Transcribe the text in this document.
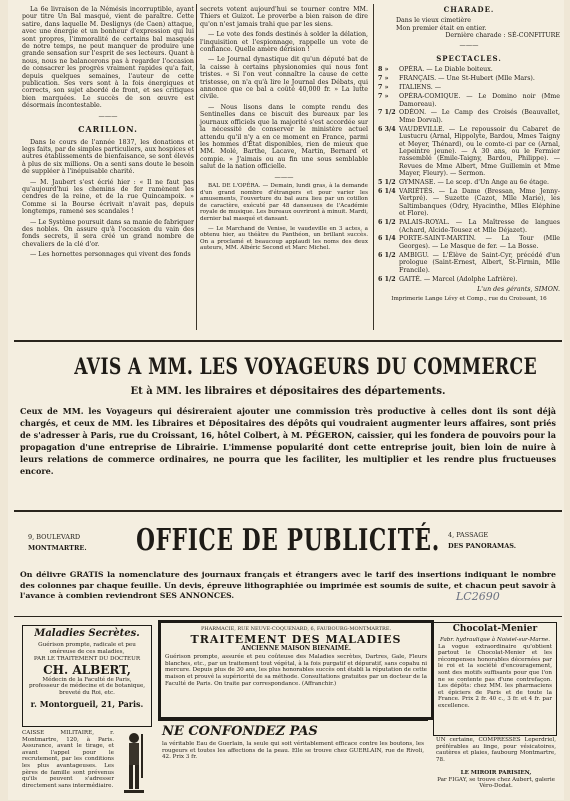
La 6e livraison de la Némésis incorruptible, ayant pour titre Un Bal masqué, vient de paraître. Cette satire, dans laquelle M. Deslignys (de Caen) attaque, avec une énergie et un bonheur d'expression qui lui sont propres, l'immoralité de certains bal masqués de notre temps, ne peut manquer de produire une grande sensation sur l'esprit de ses lecteurs. Quant à nous, nous ne balancerons pas à regarder l'occasion de consacrer les progrès vraiment rapides qu'a fait, depuis quelques semaines, l'auteur de cette publication. Ses vers sont à la fois énergiques et corrects, son sujet abordé de front, et ses critiques bien marquées. Le succès de son œuvre est désormais incontestable.

———
CARILLON.

Dans le cours de l'année 1837, les donations et legs faits, par de simples particuliers, aux hospices et autres établissements de bienfaisance, se sont élevés à plus de six millions. On a senti sans doute le besoin de suppléer à l'inépuisable charité.

— M. Jaubert s'est écrié hier : « Il ne faut pas qu'aujourd'hui les chemins de fer ramènent les cendres de la reine, et de la rue Quincampoix. » Comme si la Bourse écrivait n'avait pas, depuis longtemps, ramené ses scandales !

— Le Système poursuit dans sa manie de fabriquer des nobles. On assure qu'à l'occasion du vain des fonds secrets, il sera créé un grand nombre de chevaliers de la clé d'or.

— Les hornettes personnages qui vivent des fonds

secrets votent aujourd'hui se tourner contre MM. Thiers et Guizot. Le proverbe a bien raison de dire qu'on n'est jamais trahi que par les siens.

— Le vote des fonds destinés à solder la délation, l'inquisition et l'espionnage, rappelle un vote de confiance. Quelle amère dérision !

— Le Journal dynastique dit qu'un député bat de la caisse à certains physionomies qui nous font tristes. « Si l'on veut connaître la cause de cette tristesse, on n'a qu'à lire le Journal des Débats, qui annonce que ce bal a coûté 40,000 fr. » La lutte civile.

— Nous lisons dans le compte rendu des Sentinelles dans ce biscuit des bureaux par les journaux officiels que la majorité s'est accordée sur la nécessité de conserver le ministère actuel attendu qu'il n'y a en ce moment en France, parmi les hommes d'État disponibles, rien de mieux que MM. Molé, Barthe, Lacave, Martin, Bernard et compie. » J'aimais ou au fin une sous semblable salut de la nation officielle.

———

BAL DE L'OPÉRA. — Demain, lundi gras, à la demande d'un grand nombre d'étrangers et pour varier les amusements, l'ouverture du bal aura lieu par un cotillon de caractère, exécuté par 48 danseuses de l'Académie royale de musique. Les bureaux ouvriront à minuit. Mardi, dernier bal masqué et dansant.

— Le Marchand de Venise, le vaudeville en 3 actes, a obtenu hier, au théâtre du Panthéon, un brillant succès. On a proclamé et beaucoup applaudi les noms des deux auteurs, MM. Albéric Second et Marc Michel.

CHARADE.
Dans le vieux cimetière
Mon premier était en entier.
Dernière charade : SÉ-CONFITURE
———
SPECTACLES.
8 »	OPÉRA. — Le Diable boiteux.
7 »	FRANÇAIS. — Une St-Hubert (Mlle Mars).
7 »	ITALIENS. —
7 »	OPÉRA-COMIQUE. — Le Domino noir (Mme Damoreau).
7 1/2 ODÉON. — Le Camp des Croisés (Beauvallet, Mme Dorval).
6 3/4 VAUDEVILLE. — Le repoussoir du Cabaret de Lustucru (Arnal, Hippolyte, Bardou, Mmes Taigny et Meyer, Thénard), ou le comte-ci par ce (Arnal, Lepeintre jeune). — À 30 ans, ou le Fermier rassemblé (Emile-Taigny, Bardou, Philippe). — Revues de Mme Albert, Mme Guillemin et Mme Mayer, Fleury). — Sermon.
5 1/2 GYMNASE. — Le scep. d'Un Ange au 6e étage.
6 1/4 VARIÉTÉS. — La Dame (Bressan, Mme Jenny-Vertpré). — Suzette (Cazot, Mlle Marie), les Saltimbanques (Odry, Hyacinthe, Mlles Eléphine et Flore).
6 1/2 PALAIS-ROYAL. — La Maîtresse de langues (Achard, Alcide-Tousez et Mlle Déjazet).
6 1/4 PORTE-SAINT-MARTIN. — La Tour (Mlle Georges). — Le Masque de fer. — La Bosse.
6 1/2 AMBIGU. — L'Élève de Saint-Cyr, précédé d'un prologue (Saint-Ernest, Albert, St-Firmin, Mlle Francile).
6 1/2 GAITÉ. — Marcel (Adolphe Lafrière).
L'un des gérants, SIMON.
Imprimerie Lange Lévy et Comp., rue du Croissant, 16
AVIS A MM. LES VOYAGEURS DU COMMERCE
Et à MM. les libraires et dépositaires des départements.
Ceux de MM. les Voyageurs qui désireraient ajouter une commission très productive à celles dont ils sont déjà chargés, et ceux de MM. les Libraires et Dépositaires des dépôts qui voudraient augmenter leurs affaires, sont priés de s'adresser à Paris, rue du Croissant, 16, hôtel Colbert, à M. PÉGERON, caissier, qui les fondera de pouvoirs pour la propagation d'une entreprise de Librairie. L'immense popularité dont cette entreprise jouit, bien loin de nuire à leurs relations de commerce ordinaires, ne pourra que les faciliter, les multiplier et les rendre plus fructueuses encore.
9, BOULEVARD
MONTMARTRE.	OFFICE DE PUBLICITÉ.	4, PASSAGE
DES PANORAMAS.
On délivre GRATIS la nomenclature des journaux français et étrangers avec le tarif des insertions indiquant le nombre des colonnes par chaque feuille. Un devis, épreuve lithographiée ou imprimée est soumis de suite, et chacun peut savoir à l'avance à combien reviendront SES ANNONCES.	LC2690
Maladies Secrètes.
Guérison prompte, radicale et peu onéreuse de ces maladies,
PAR LE TRAITEMENT DU DOCTEUR
CH. ALBERT,
Médecin de la Faculté de Paris, professeur de médecine et de botanique, breveté du Roi, etc.
r. Montorgueil, 21, Paris.
PHARMACIE, RUE NEUVE-COQUENARD, 6, FAUBOURG-MONTMARTRE.
TRAITEMENT DES MALADIES
ANCIENNE MAISON BIENAIMÉ.
Guérison prompte, assurée et peu coûteuse des Maladies secrètes, Dartres, Gale, Fleurs blanches, etc., par un traitement tout végétal, à la fois purgatif et dépuratif, sans copahu ni mercure. Depuis plus de 30 ans, les plus honorables succès ont établi la réputation de cette maison et prouvé la supériorité de sa méthode. Consultations gratuites par un docteur de la Faculté de Paris. On traite par correspondance. (Affranchir.)
Chocolat-Menier
Fabr. hydraulique à Noisiel-sur-Marne.
La vogue extraordinaire qu'obtient partout le Chocolat-Menier et les récompenses honorables décernées par le roi et la société d'encouragement, sont des motifs suffisants pour que l'on ne se contente pas d'une contrefaçon. Les dépôts: chez MM. les pharmaciens et épiciers de Paris et de toute la France. Prix 2 fr. 40 c., 3 fr. et 4 fr. par excellence.
UN certaine, COMPRESSES Leperdriel, préférables au linge, pour vésicatoires, cautères et plaies, faubourg Montmartre, 78.
LE MIROIR PARISIEN,
Par FIGAY, se trouve chez Aubert, galerie Véro-Dodat.
CAISSE MILITAIRE, r. Montmartre, 120, à Paris. Assurance, avant le tirage, et avant l'appel pour le recrutement, par les conditions les plus avantageuses. Les pères de famille sont prévenus qu'ils peuvent s'adresser directement sans intermédiaire.
NE CONFONDEZ PAS
la véritable Eau de Guerlain, la seule qui soit véritablement efficace contre les boutons, les rougeurs et toutes les affections de la peau. Elle se trouve chez GUERLAIN, rue de Rivoli, 42. Prix 3 fr.
